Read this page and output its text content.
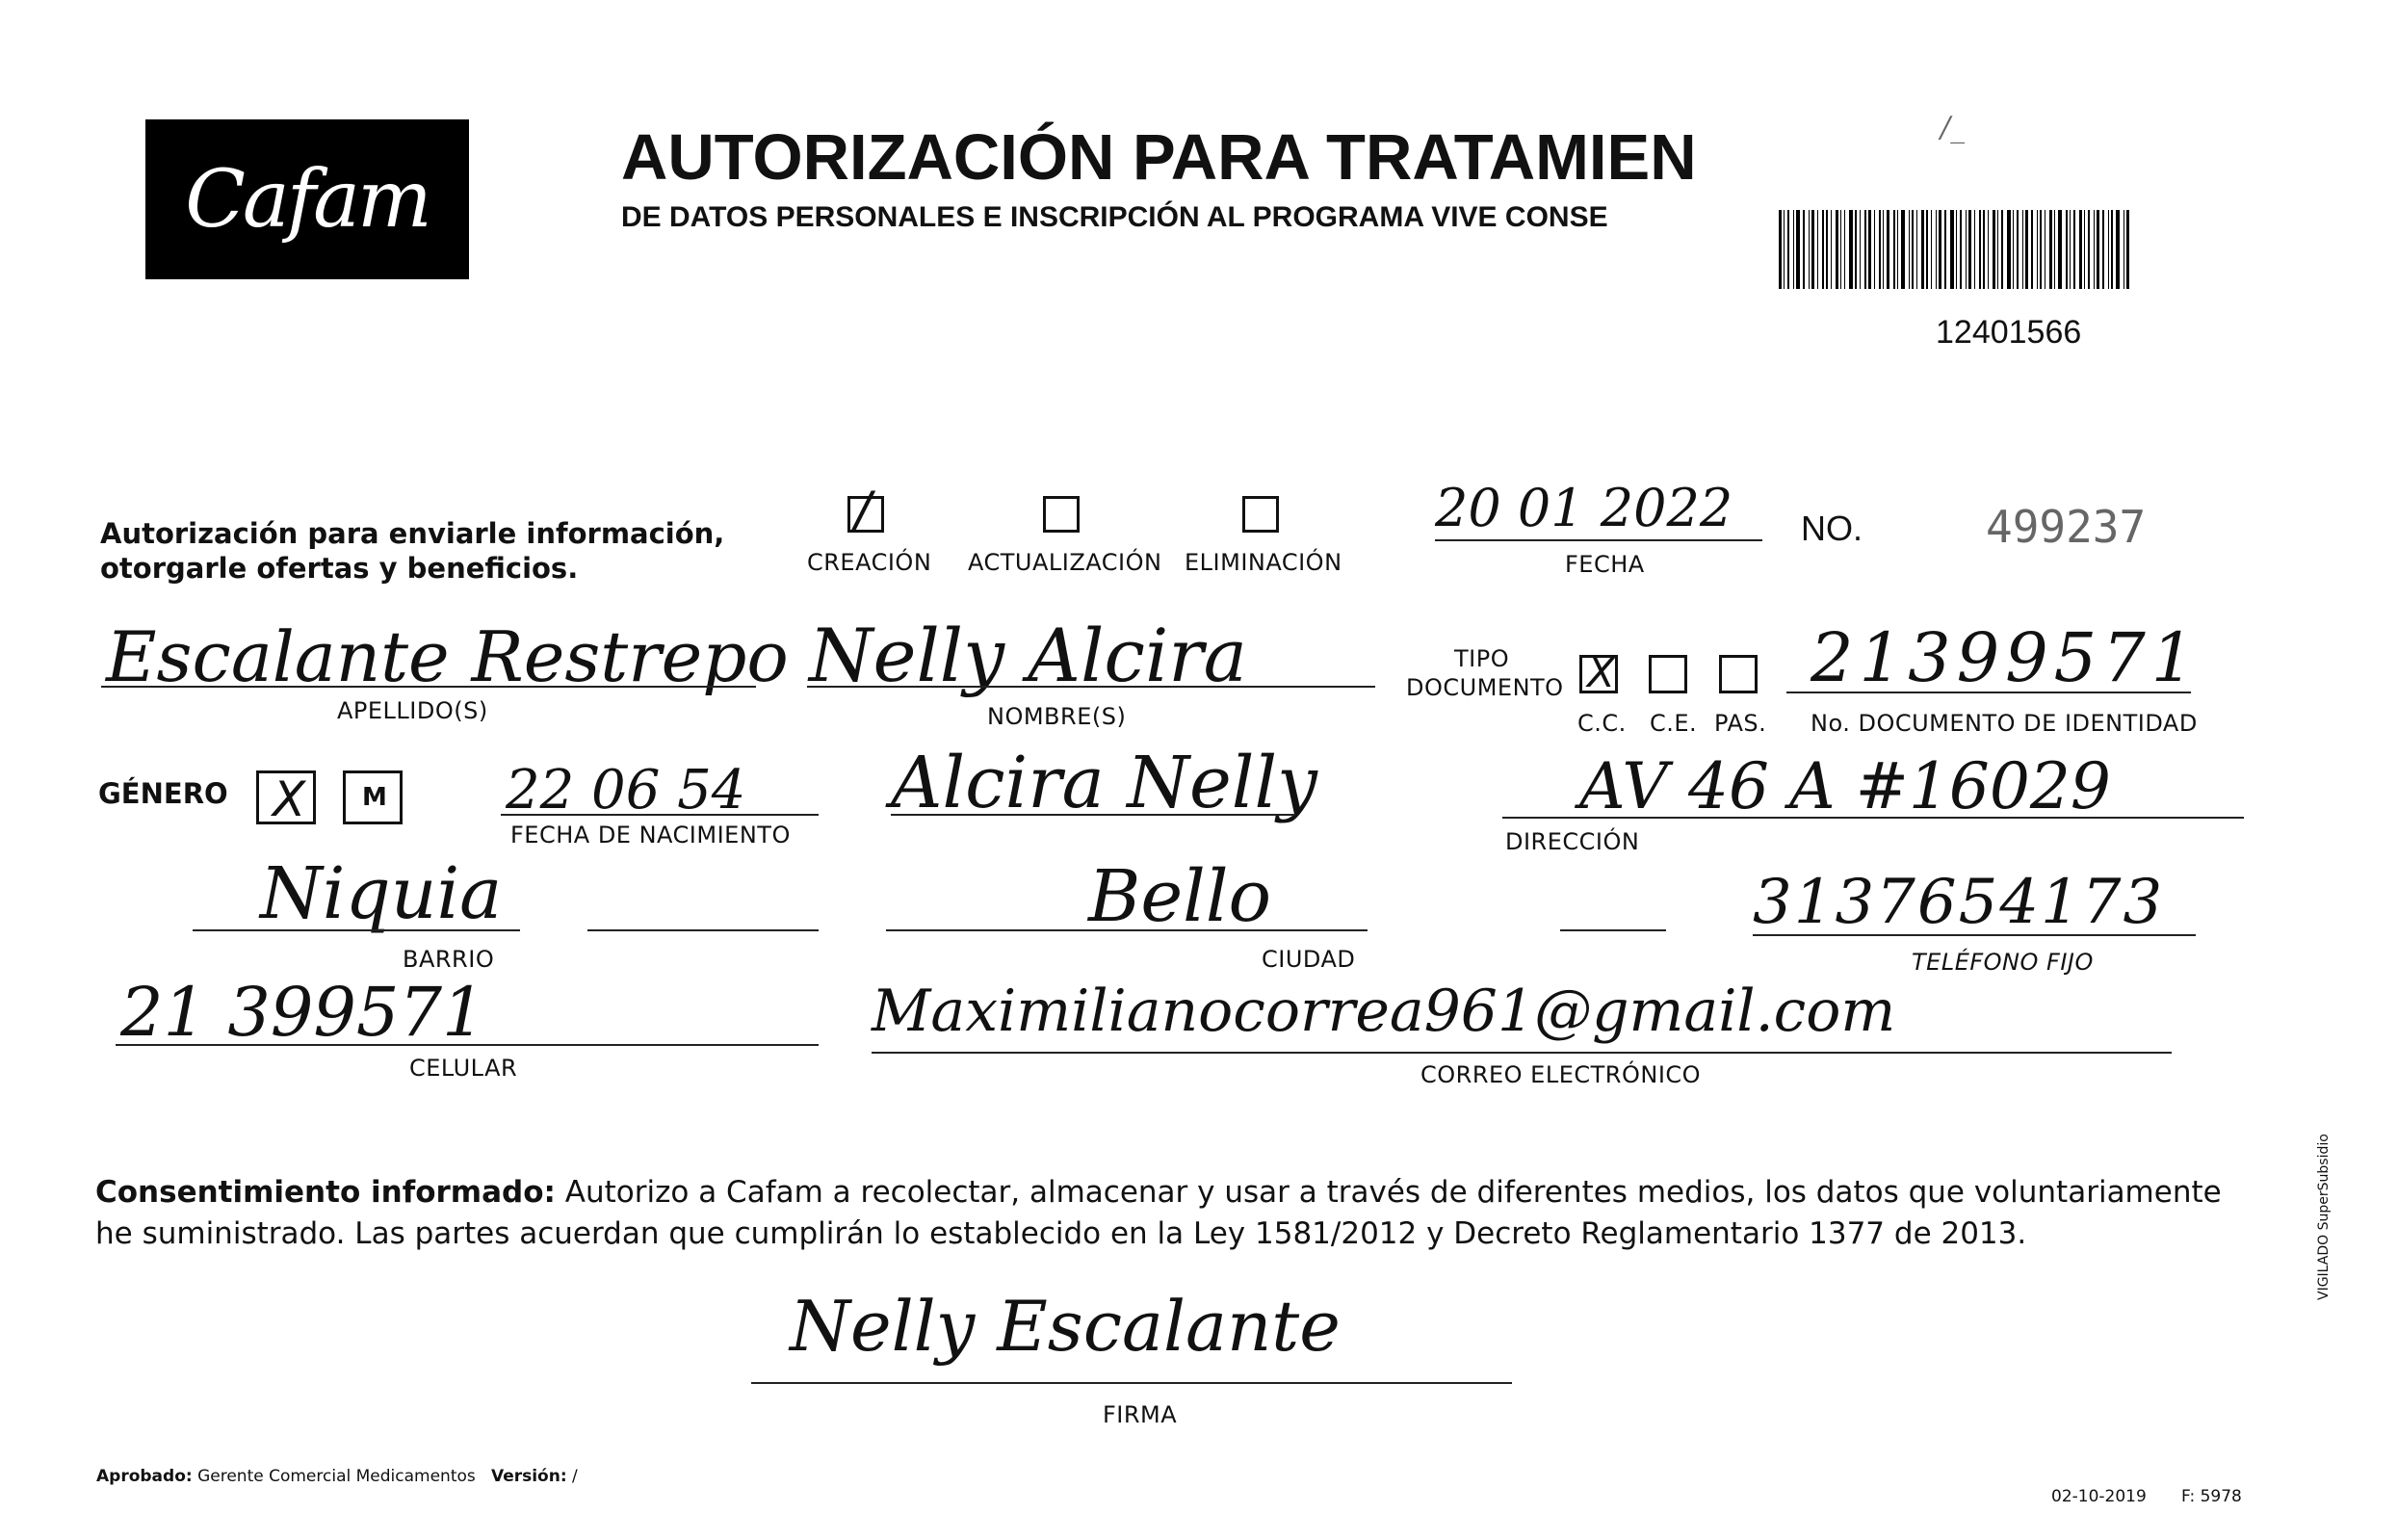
Cafam	AUTORIZACIÓN PARA TRATAMIEN
DE DATOS PERSONALES E INSCRIPCIÓN AL PROGRAMA VIVE CONSE
/_
12401566
Autorización para enviarle información,
otorgarle ofertas y beneficios.
/
CREACIÓN ACTUALIZACIÓN ELIMINACIÓN
20 01 2022
FECHA
NO.	499237
Escalante Restrepo
APELLIDO(S)
Nelly Alcira
NOMBRE(S)
TIPO
DOCUMENTO X
C.C. C.E. PAS.
21399571
No. DOCUMENTO DE IDENTIDAD
GÉNERO X M 22 06 54
FECHA DE NACIMIENTO
Alcira Nelly	AV 46 A #16029
DIRECCIÓN
Niquia
BARRIO
Bello
CIUDAD
3137654173
TELÉFONO FIJO
21 399571
CELULAR
Maximilianocorrea961@gmail.com
CORREO ELECTRÓNICO
Consentimiento informado: Autorizo a Cafam a recolectar, almacenar y usar a través de diferentes medios, los datos que voluntariamente he suministrado. Las partes acuerdan que cumplirán lo establecido en la Ley 1581/2012 y Decreto Reglamentario 1377 de 2013.
Nelly Escalante
FIRMA
Aprobado: Gerente Comercial Medicamentos Versión: /
02-10-2019 F: 5978
VIGILADO SuperSubsidio
